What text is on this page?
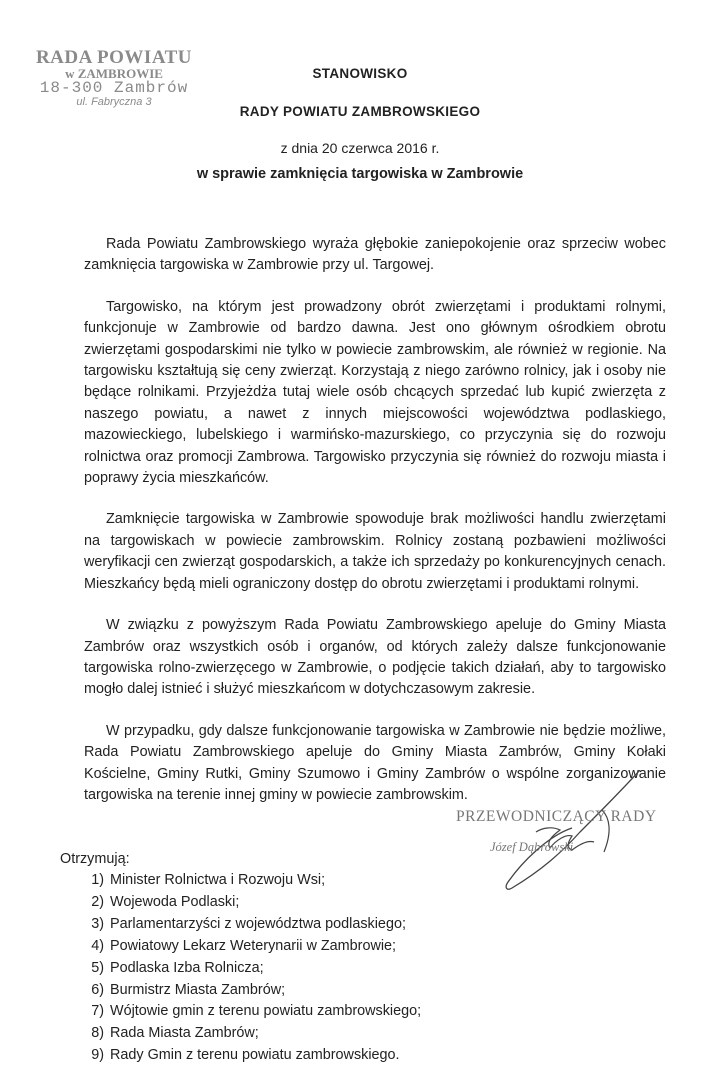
RADA POWIATU
w ZAMBROWIE
18-300 Zambrów
ul. Fabryczna 3
STANOWISKO
RADY POWIATU ZAMBROWSKIEGO
z dnia 20 czerwca 2016 r.
w sprawie zamknięcia targowiska w Zambrowie

Rada Powiatu Zambrowskiego wyraża głębokie zaniepokojenie oraz sprzeciw wobec zamknięcia targowiska w Zambrowie przy ul. Targowej.

Targowisko, na którym jest prowadzony obrót zwierzętami i produktami rolnymi, funkcjonuje w Zambrowie od bardzo dawna. Jest ono głównym ośrodkiem obrotu zwierzętami gospodarskimi nie tylko w powiecie zambrowskim, ale również w regionie. Na targowisku kształtują się ceny zwierząt. Korzystają z niego zarówno rolnicy, jak i osoby nie będące rolnikami. Przyjeżdża tutaj wiele osób chcących sprzedać lub kupić zwierzęta z naszego powiatu, a nawet z innych miejscowości województwa podlaskiego, mazowieckiego, lubelskiego i warmińsko-mazurskiego, co przyczynia się do rozwoju rolnictwa oraz promocji Zambrowa. Targowisko przyczynia się również do rozwoju miasta i poprawy życia mieszkańców.

Zamknięcie targowiska w Zambrowie spowoduje brak możliwości handlu zwierzętami na targowiskach w powiecie zambrowskim. Rolnicy zostaną pozbawieni możliwości weryfikacji cen zwierząt gospodarskich, a także ich sprzedaży po konkurencyjnych cenach. Mieszkańcy będą mieli ograniczony dostęp do obrotu zwierzętami i produktami rolnymi.

W związku z powyższym Rada Powiatu Zambrowskiego apeluje do Gminy Miasta Zambrów oraz wszystkich osób i organów, od których zależy dalsze funkcjonowanie targowiska rolno-zwierzęcego w Zambrowie, o podjęcie takich działań, aby to targowisko mogło dalej istnieć i służyć mieszkańcom w dotychczasowym zakresie.

W przypadku, gdy dalsze funkcjonowanie targowiska w Zambrowie nie będzie możliwe, Rada Powiatu Zambrowskiego apeluje do Gminy Miasta Zambrów, Gminy Kołaki Kościelne, Gminy Rutki, Gminy Szumowo i Gminy Zambrów o wspólne zorganizowanie targowiska na terenie innej gminy w powiecie zambrowskim.

PRZEWODNICZĄCY RADY
Józef Dąbrowski
Otrzymują:
1) Minister Rolnictwa i Rozwoju Wsi;
2) Wojewoda Podlaski;
3) Parlamentarzyści z województwa podlaskiego;
4) Powiatowy Lekarz Weterynarii w Zambrowie;
5) Podlaska Izba Rolnicza;
6) Burmistrz Miasta Zambrów;
7) Wójtowie gmin z terenu powiatu zambrowskiego;
8) Rada Miasta Zambrów;
9) Rady Gmin z terenu powiatu zambrowskiego.
